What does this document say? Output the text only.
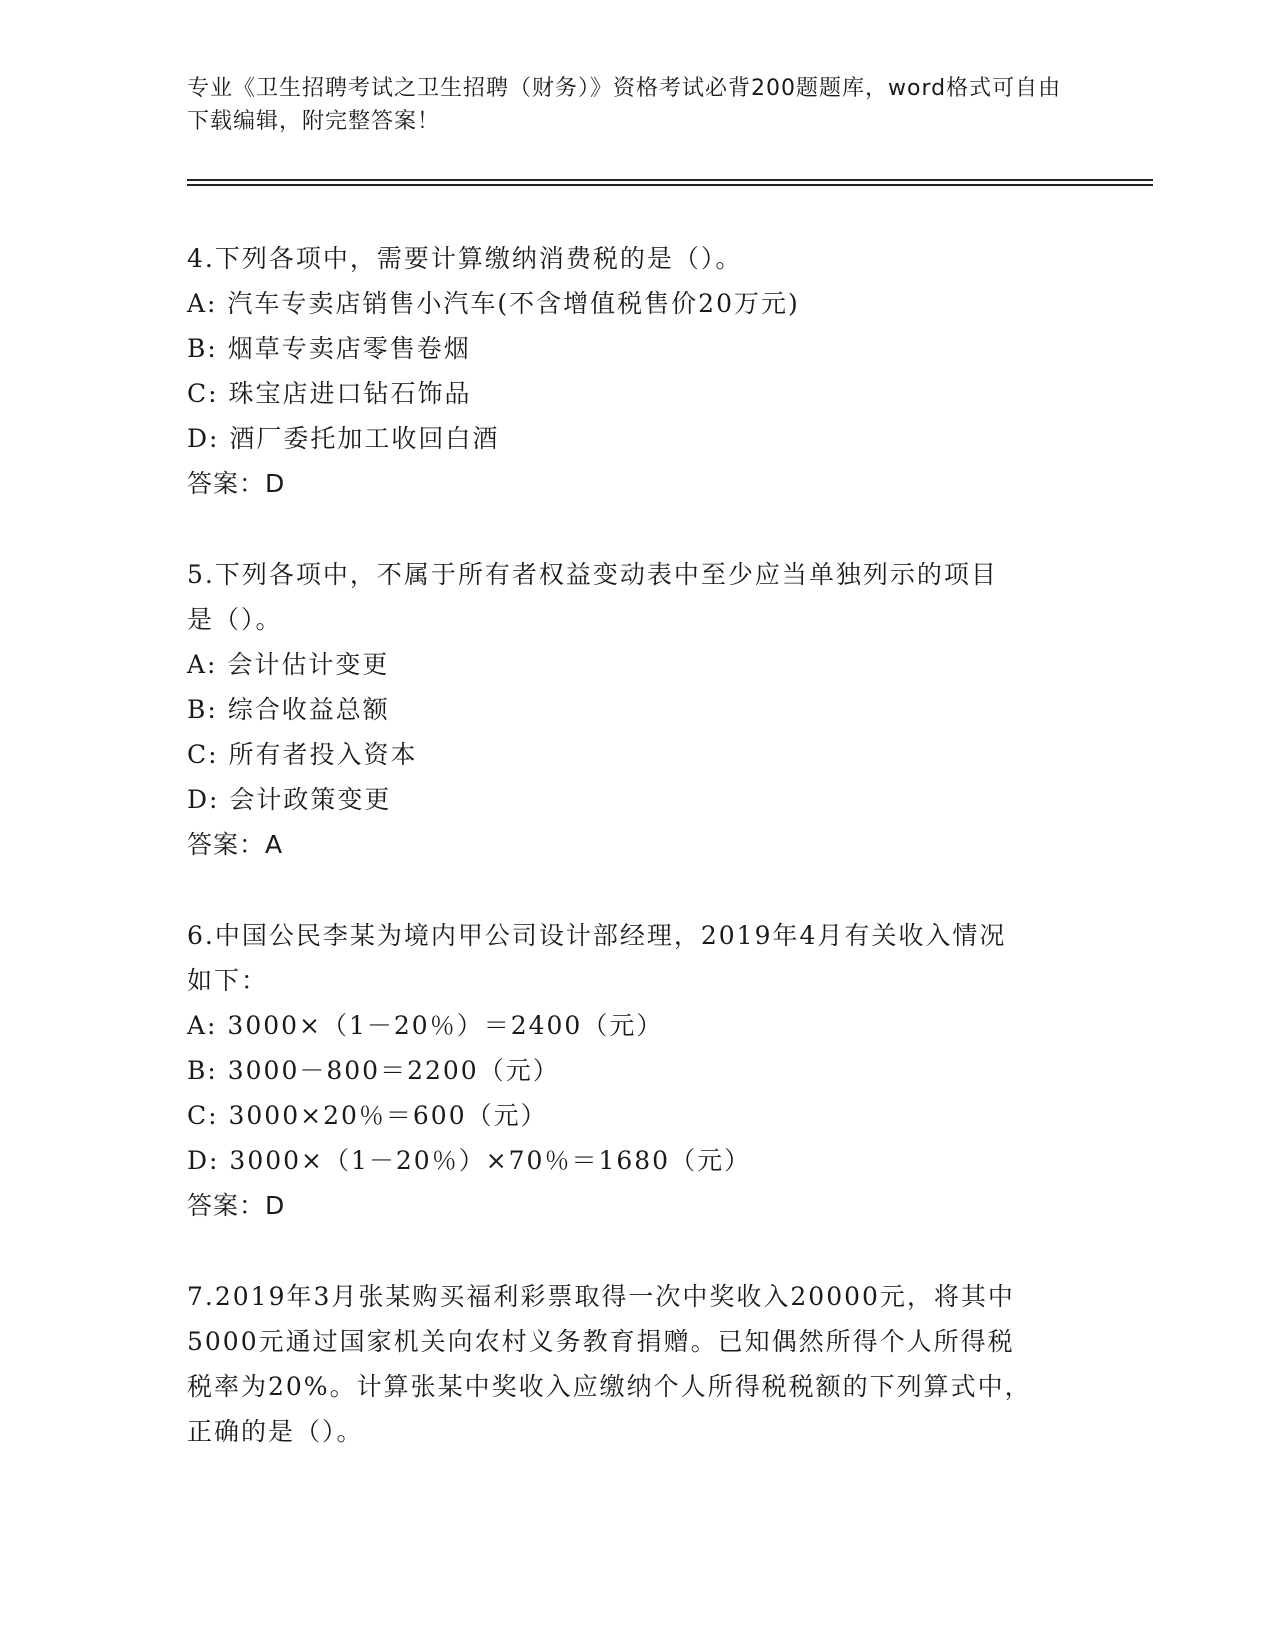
专业《卫生招聘考试之卫生招聘（财务）》资格考试必背200题题库，word格式可自由下载编辑，附完整答案！
4.下列各项中，需要计算缴纳消费税的是（）。
A: 汽车专卖店销售小汽车(不含增值税售价20万元)
B: 烟草专卖店零售卷烟
C: 珠宝店进口钻石饰品
D: 酒厂委托加工收回白酒
答案：D
5.下列各项中，不属于所有者权益变动表中至少应当单独列示的项目
是（）。
A: 会计估计变更
B: 综合收益总额
C: 所有者投入资本
D: 会计政策变更
答案：A
6.中国公民李某为境内甲公司设计部经理，2019年4月有关收入情况
如下：
A: 3000×（1－20％）＝2400（元）
B: 3000－800＝2200（元）
C: 3000×20％＝600（元）
D: 3000×（1－20％）×70％＝1680（元）
答案：D
7.2019年3月张某购买福利彩票取得一次中奖收入20000元，将其中
5000元通过国家机关向农村义务教育捐赠。已知偶然所得个人所得税
税率为20%。计算张某中奖收入应缴纳个人所得税税额的下列算式中，
正确的是（）。
